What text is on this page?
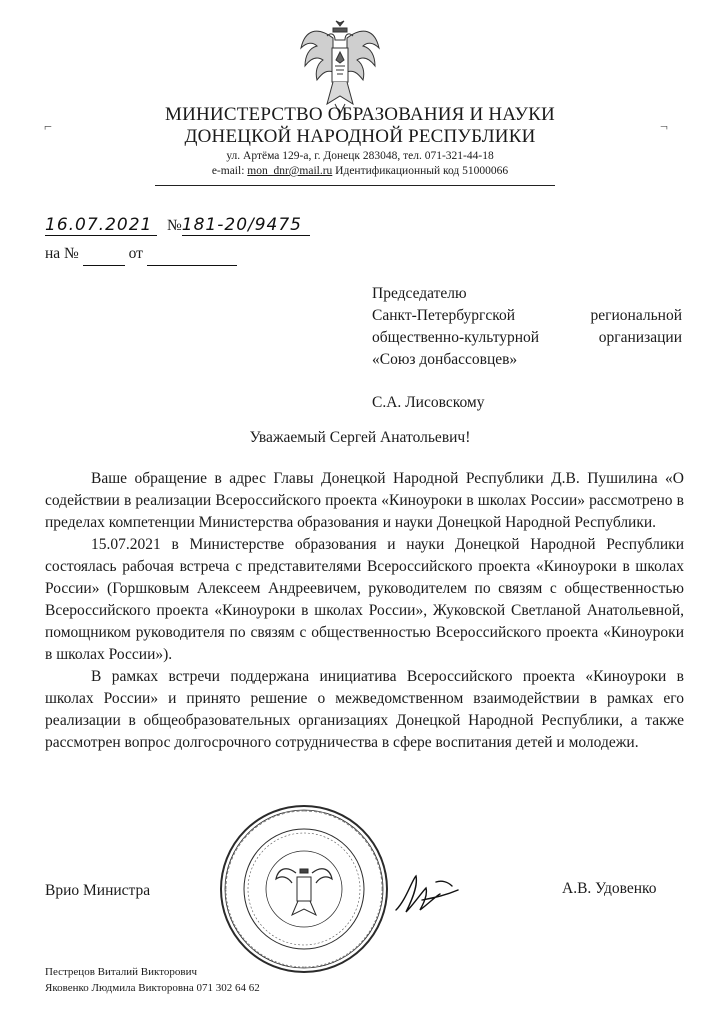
МИНИСТЕРСТВО ОБРАЗОВАНИЯ И НАУКИ
ДОНЕЦКОЙ НАРОДНОЙ РЕСПУБЛИКИ
ул. Артёма 129-а, г. Донецк 283048, тел. 071-321-44-18
e-mail: mon_dnr@mail.ru Идентификационный код 51000066
⌐	¬
16.07.2021 №181-20/9475
на №	от
Председателю
Санкт-Петербургской региональной
общественно-культурной организации
«Союз донбассовцев»
С.А. Лисовскому
Уважаемый Сергей Анатольевич!

Ваше обращение в адрес Главы Донецкой Народной Республики Д.В. Пушилина «О содействии в реализации Всероссийского проекта «Киноуроки в школах России» рассмотрено в пределах компетенции Министерства образования и науки Донецкой Народной Республики.

15.07.2021 в Министерстве образования и науки Донецкой Народной Республики состоялась рабочая встреча с представителями Всероссийского проекта «Киноуроки в школах России» (Горшковым Алексеем Андреевичем, руководителем по связям с общественностью Всероссийского проекта «Киноуроки в школах России», Жуковской Светланой Анатольевной, помощником руководителя по связям с общественностью Всероссийского проекта «Киноуроки в школах России»).

В рамках встречи поддержана инициатива Всероссийского проекта «Киноуроки в школах России» и принято решение о межведомственном взаимодействии в рамках его реализации в общеобразовательных организациях Донецкой Народной Республики, а также рассмотрен вопрос долгосрочного сотрудничества в сфере воспитания детей и молодежи.

Врио Министра	А.В. Удовенко
Пестрецов Виталий Викторович
Яковенко Людмила Викторовна 071 302 64 62
